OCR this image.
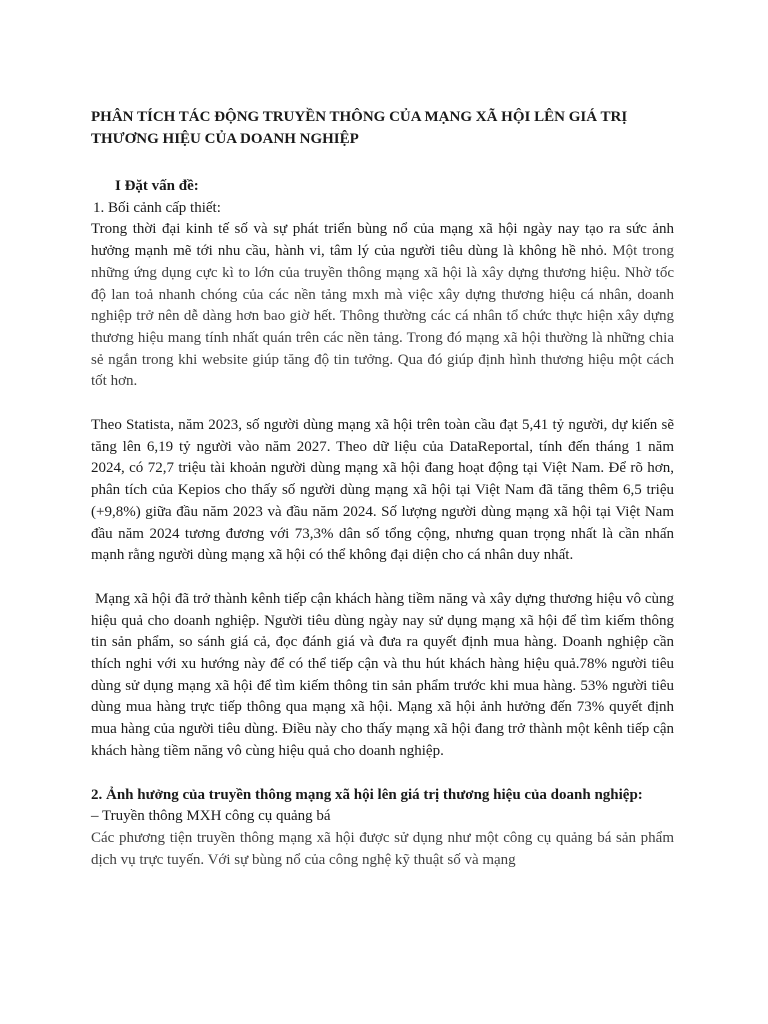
PHÂN TÍCH TÁC ĐỘNG TRUYỀN THÔNG CỦA MẠNG XÃ HỘI LÊN GIÁ TRỊ THƯƠNG HIỆU CỦA DOANH NGHIỆP

I Đặt vấn đề:

1. Bối cảnh cấp thiết:

Trong thời đại kinh tế số và sự phát triển bùng nổ của mạng xã hội ngày nay tạo ra sức ảnh hưởng mạnh mẽ tới nhu cầu, hành vi, tâm lý của người tiêu dùng là không hề nhỏ. Một trong những ứng dụng cực kì to lớn của truyền thông mạng xã hội là xây dựng thương hiệu. Nhờ tốc độ lan toả nhanh chóng của các nền tảng mxh mà việc xây dựng thương hiệu cá nhân, doanh nghiệp trở nên dễ dàng hơn bao giờ hết. Thông thường các cá nhân tổ chức thực hiện xây dựng thương hiệu mang tính nhất quán trên các nền tảng. Trong đó mạng xã hội thường là những chia sẻ ngắn trong khi website giúp tăng độ tin tưởng. Qua đó giúp định hình thương hiệu một cách tốt hơn.

Theo Statista, năm 2023, số người dùng mạng xã hội trên toàn cầu đạt 5,41 tỷ người, dự kiến sẽ tăng lên 6,19 tỷ người vào năm 2027. Theo dữ liệu của DataReportal, tính đến tháng 1 năm 2024, có 72,7 triệu tài khoản người dùng mạng xã hội đang hoạt động tại Việt Nam. Để rõ hơn, phân tích của Kepios cho thấy số người dùng mạng xã hội tại Việt Nam đã tăng thêm 6,5 triệu (+9,8%) giữa đầu năm 2023 và đầu năm 2024. Số lượng người dùng mạng xã hội tại Việt Nam đầu năm 2024 tương đương với 73,3% dân số tổng cộng, nhưng quan trọng nhất là cần nhấn mạnh rằng người dùng mạng xã hội có thể không đại diện cho cá nhân duy nhất.

Mạng xã hội đã trở thành kênh tiếp cận khách hàng tiềm năng và xây dựng thương hiệu vô cùng hiệu quả cho doanh nghiệp. Người tiêu dùng ngày nay sử dụng mạng xã hội để tìm kiếm thông tin sản phẩm, so sánh giá cả, đọc đánh giá và đưa ra quyết định mua hàng. Doanh nghiệp cần thích nghi với xu hướng này để có thể tiếp cận và thu hút khách hàng hiệu quả.78% người tiêu dùng sử dụng mạng xã hội để tìm kiếm thông tin sản phẩm trước khi mua hàng. 53% người tiêu dùng mua hàng trực tiếp thông qua mạng xã hội. Mạng xã hội ảnh hưởng đến 73% quyết định mua hàng của người tiêu dùng. Điều này cho thấy mạng xã hội đang trở thành một kênh tiếp cận khách hàng tiềm năng vô cùng hiệu quả cho doanh nghiệp.

2. Ảnh hưởng của truyền thông mạng xã hội lên giá trị thương hiệu của doanh nghiệp:

– Truyền thông MXH công cụ quảng bá

Các phương tiện truyền thông mạng xã hội được sử dụng như một công cụ quảng bá sản phẩm dịch vụ trực tuyến. Với sự bùng nổ của công nghệ kỹ thuật số và mạng
